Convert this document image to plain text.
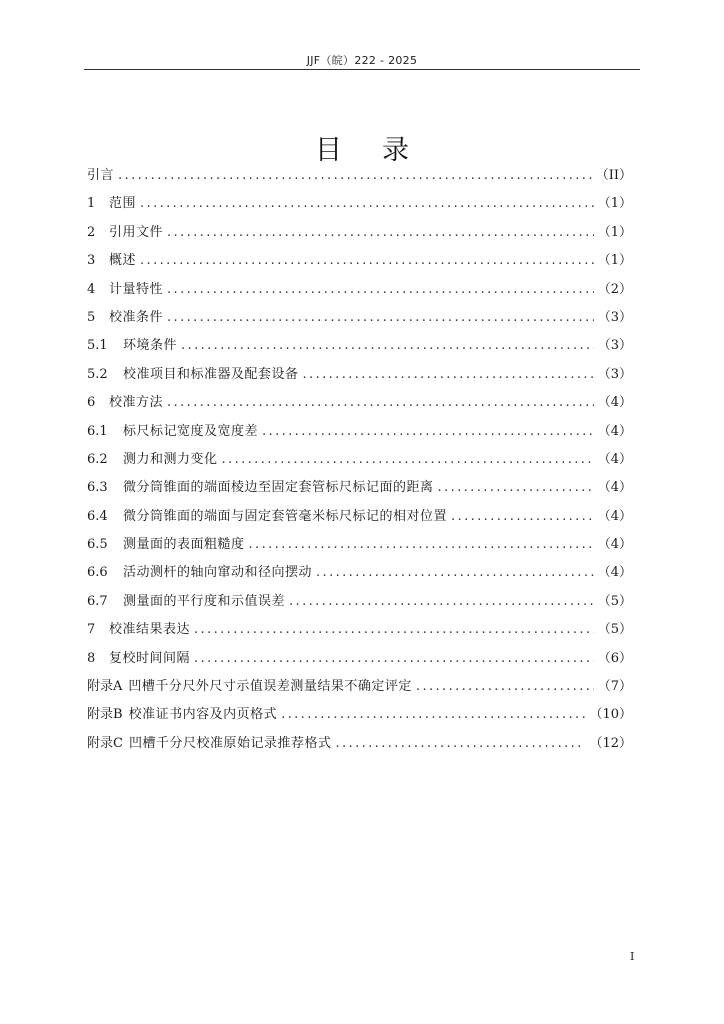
JJF（皖）222 - 2025
目录
引言 .....	（II）
1	范围 .....	（1）
2	引用文件 .....	（1）
3	概述 .....	（1）
4	计量特性 .....	（2）
5	校准条件 .....	（3）
5.1	环境条件 .....	（3）
5.2	校准项目和标准器及配套设备 .....	（3）
6	校准方法 .....	（4）
6.1	标尺标记宽度及宽度差 .....	（4）
6.2	测力和测力变化 .....	（4）
6.3	微分筒锥面的端面棱边至固定套管标尺标记面的距离 .....	（4）
6.4	微分筒锥面的端面与固定套管毫米标尺标记的相对位置 .....	（4）
6.5	测量面的表面粗糙度 .....	（4）
6.6	活动测杆的轴向窜动和径向摆动 .....	（4）
6.7	测量面的平行度和示值误差 .....	（5）
7	校准结果表达 .....	（5）
8	复校时间间隔 .....	（6）
附录A 凹槽千分尺外尺寸示值误差测量结果不确定评定 .....	（7）
附录B 校准证书内容及内页格式 .....	（10）
附录C 凹槽千分尺校准原始记录推荐格式 .....	（12）
I
